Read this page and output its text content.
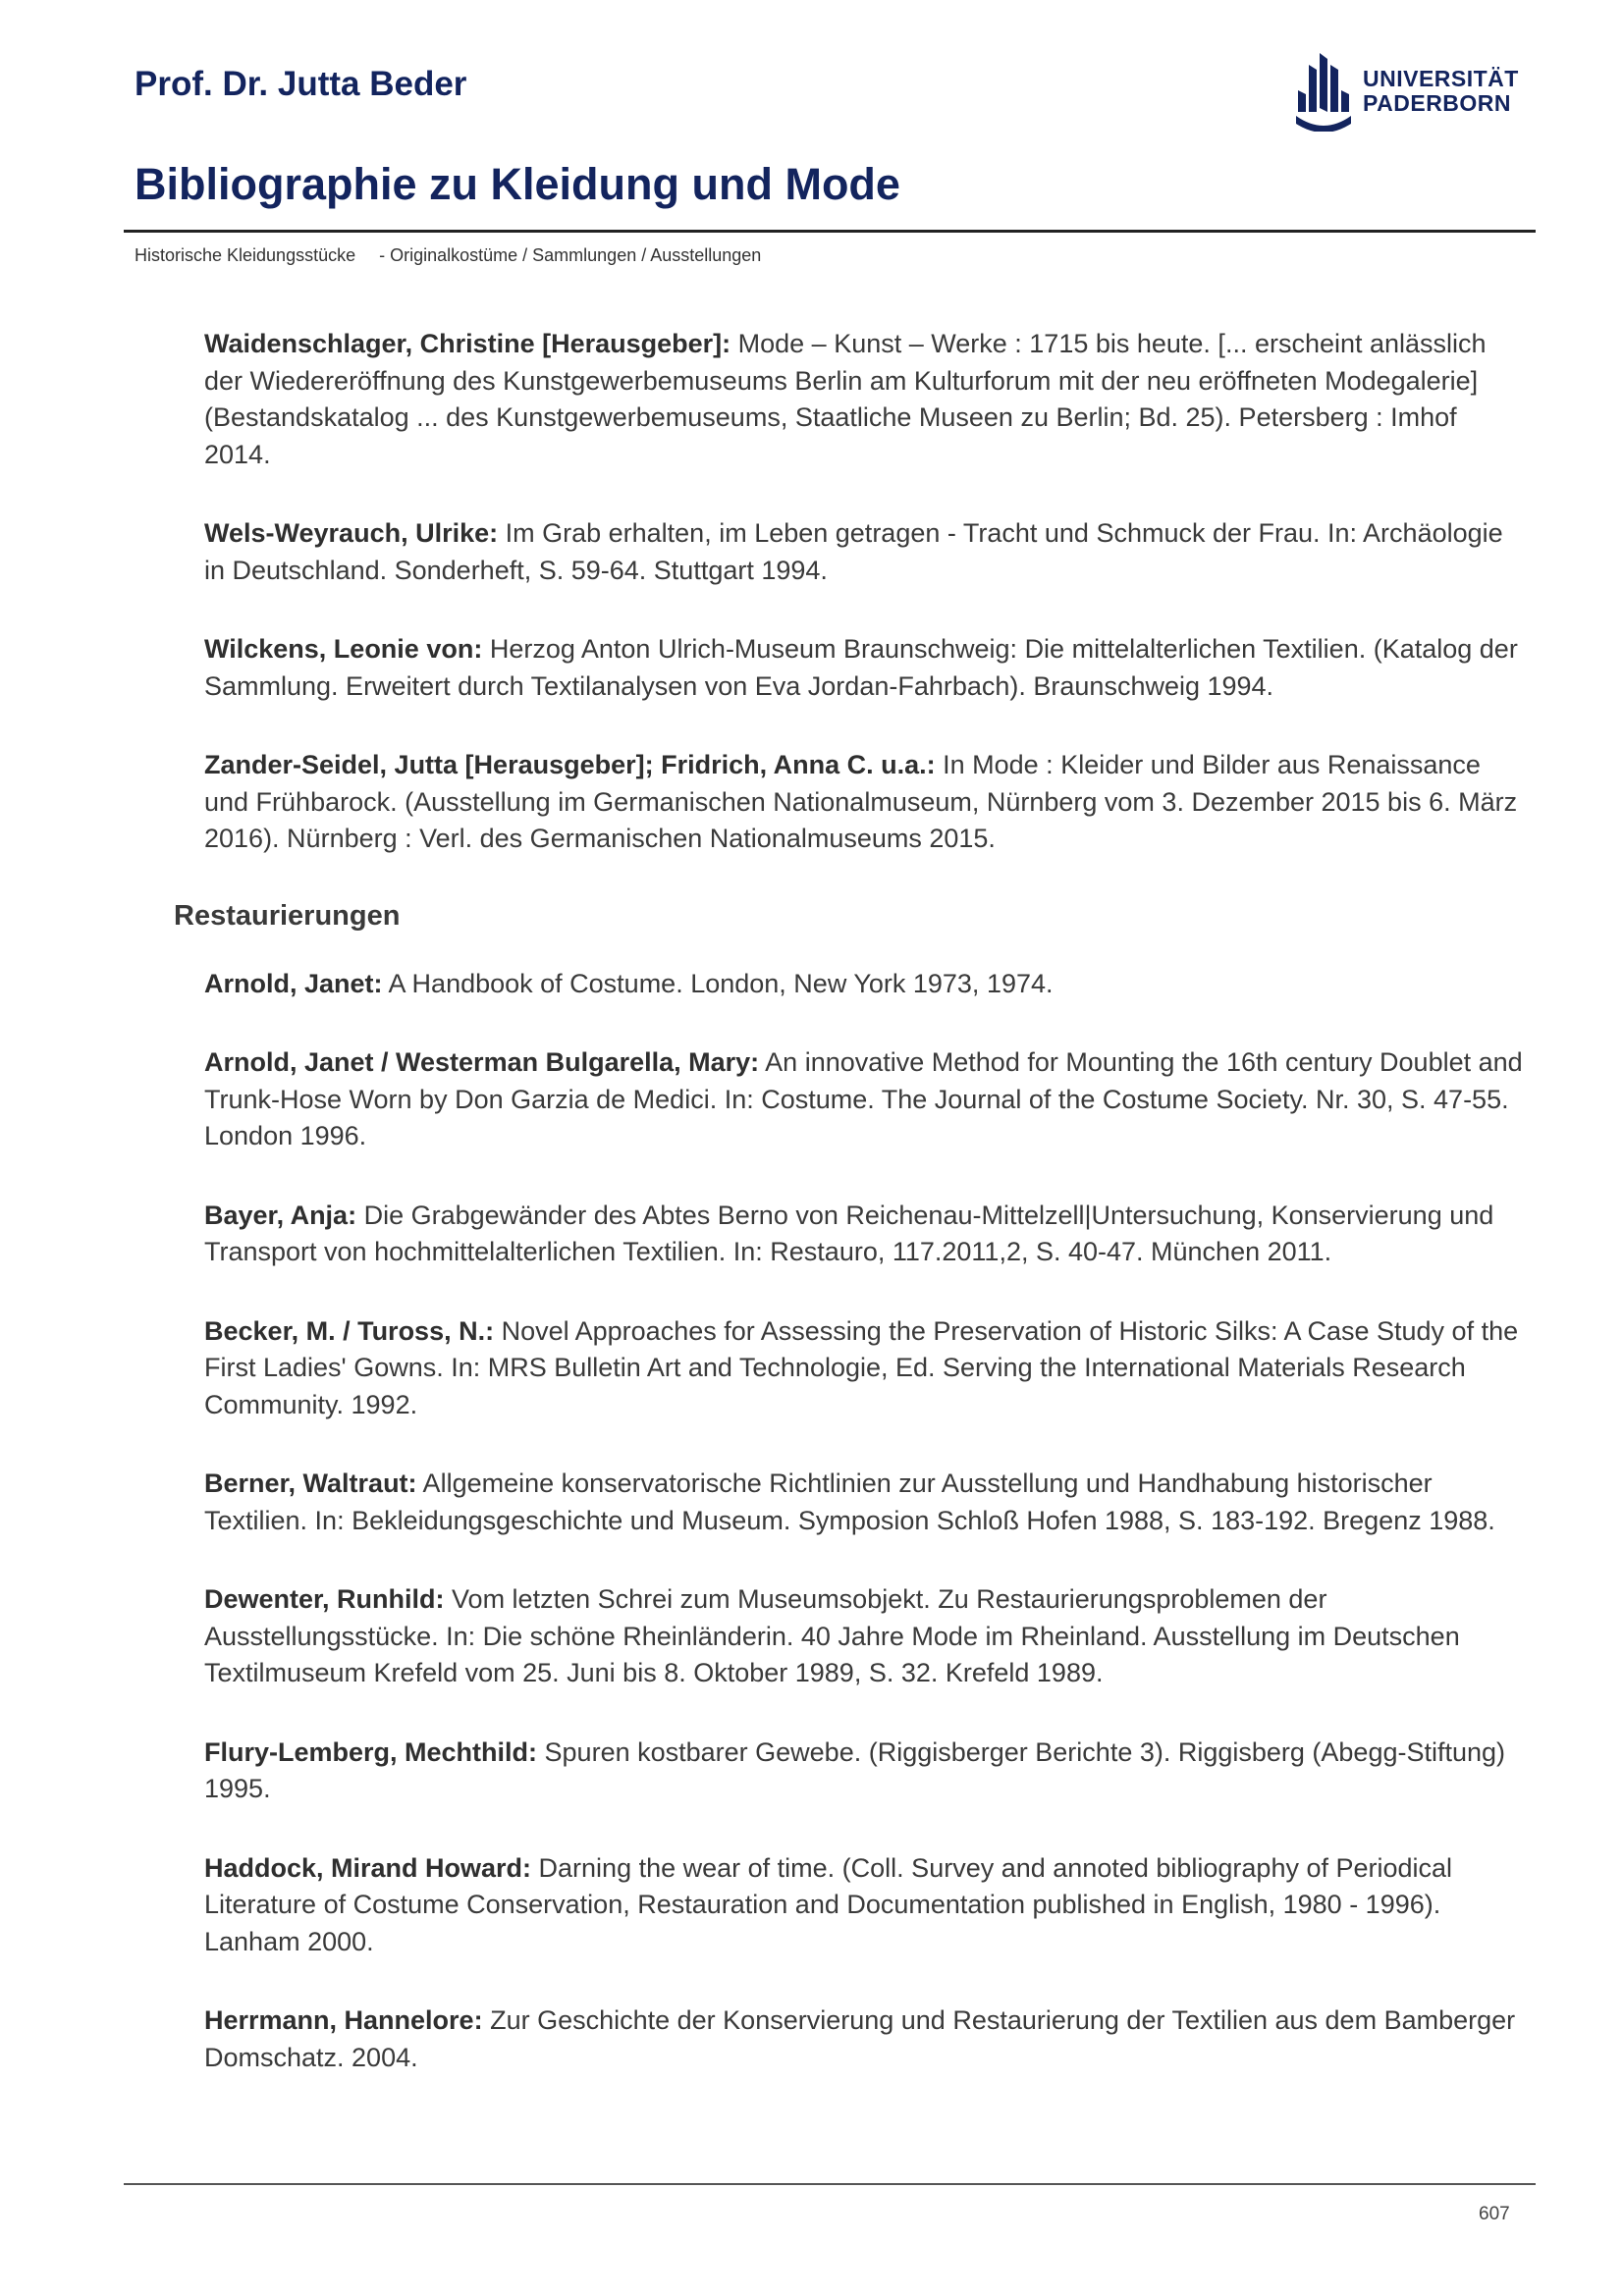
Prof. Dr. Jutta Beder	UNIVERSITÄT
PADERBORN
Bibliographie zu Kleidung und Mode
Historische Kleidungsstücke - Originalkostüme / Sammlungen / Ausstellungen

Waidenschlager, Christine [Herausgeber]: Mode – Kunst – Werke : 1715 bis heute. [... erscheint anlässlich der Wiedereröffnung des Kunstgewerbemuseums Berlin am Kulturforum mit der neu eröffneten Modegalerie] (Bestandskatalog ... des Kunstgewerbemuseums, Staatliche Museen zu Berlin; Bd. 25). Petersberg : Imhof 2014.

Wels-Weyrauch, Ulrike: Im Grab erhalten, im Leben getragen - Tracht und Schmuck der Frau. In: Archäologie in Deutschland. Sonderheft, S. 59-64. Stuttgart 1994.

Wilckens, Leonie von: Herzog Anton Ulrich-Museum Braunschweig: Die mittelalterlichen Textilien. (Katalog der Sammlung. Erweitert durch Textilanalysen von Eva Jordan-Fahrbach). Braunschweig 1994.

Zander-Seidel, Jutta [Herausgeber]; Fridrich, Anna C. u.a.: In Mode : Kleider und Bilder aus Renaissance und Frühbarock. (Ausstellung im Germanischen Nationalmuseum, Nürnberg vom 3. Dezember 2015 bis 6. März 2016). Nürnberg : Verl. des Germanischen Nationalmuseums 2015.

Restaurierungen

Arnold, Janet: A Handbook of Costume. London, New York 1973, 1974.

Arnold, Janet / Westerman Bulgarella, Mary: An innovative Method for Mounting the 16th century Doublet and Trunk-Hose Worn by Don Garzia de Medici. In: Costume. The Journal of the Costume Society. Nr. 30, S. 47-55. London 1996.

Bayer, Anja: Die Grabgewänder des Abtes Berno von Reichenau-Mittelzell|Untersuchung, Konservierung und Transport von hochmittelalterlichen Textilien. In: Restauro, 117.2011,2, S. 40-47. München 2011.

Becker, M. / Tuross, N.: Novel Approaches for Assessing the Preservation of Historic Silks: A Case Study of the First Ladies' Gowns. In: MRS Bulletin Art and Technologie, Ed. Serving the International Materials Research Community. 1992.

Berner, Waltraut: Allgemeine konservatorische Richtlinien zur Ausstellung und Handhabung historischer Textilien. In: Bekleidungsgeschichte und Museum. Symposion Schloß Hofen 1988, S. 183-192. Bregenz 1988.

Dewenter, Runhild: Vom letzten Schrei zum Museumsobjekt. Zu Restaurierungsproblemen der Ausstellungsstücke. In: Die schöne Rheinländerin. 40 Jahre Mode im Rheinland. Ausstellung im Deutschen Textilmuseum Krefeld vom 25. Juni bis 8. Oktober 1989, S. 32. Krefeld 1989.

Flury-Lemberg, Mechthild: Spuren kostbarer Gewebe. (Riggisberger Berichte 3). Riggisberg (Abegg-Stiftung) 1995.

Haddock, Mirand Howard: Darning the wear of time. (Coll. Survey and annoted bibliography of Periodical Literature of Costume Conservation, Restauration and Documentation published in English, 1980 - 1996). Lanham 2000.

Herrmann, Hannelore: Zur Geschichte der Konservierung und Restaurierung der Textilien aus dem Bamberger Domschatz. 2004.

607
